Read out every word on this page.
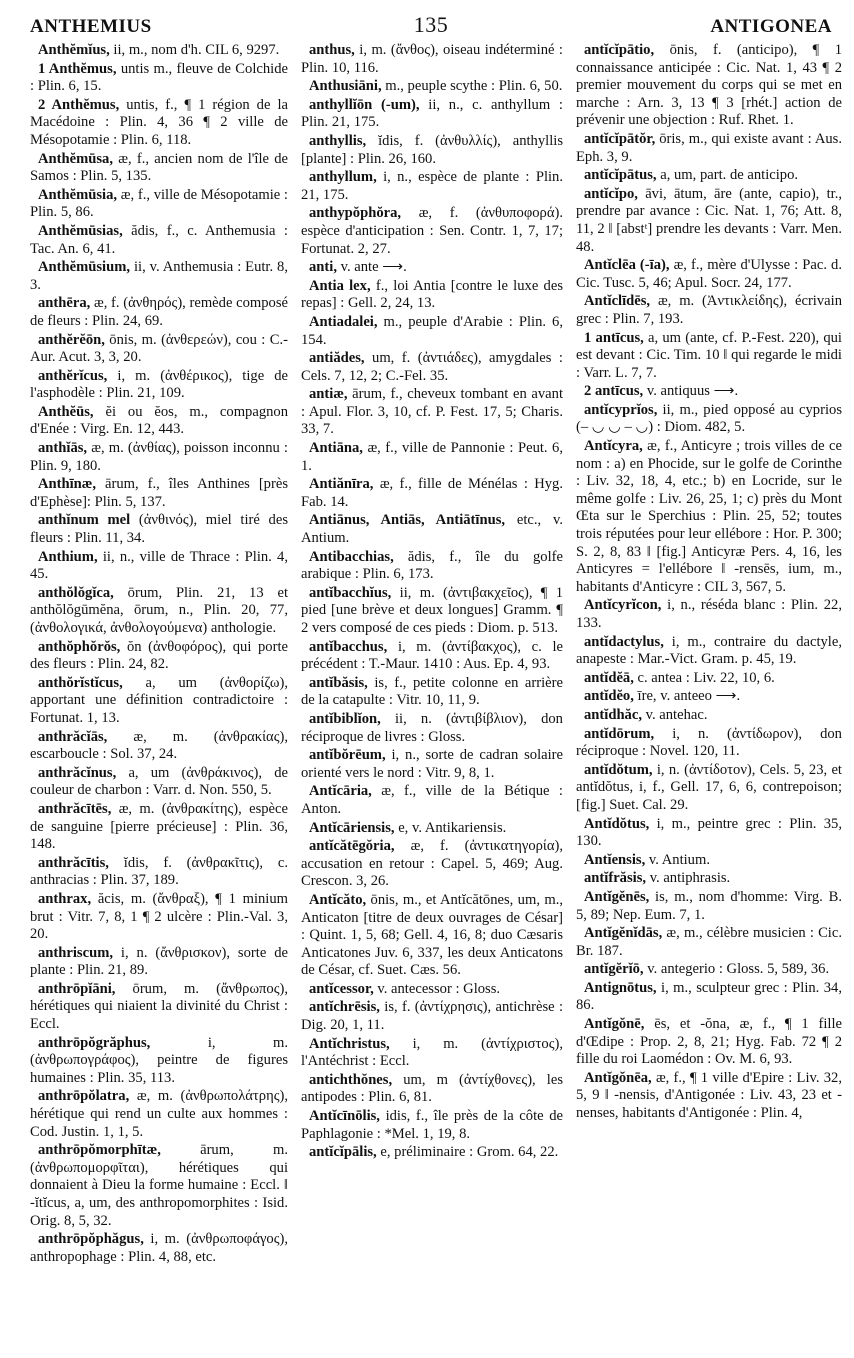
ANTHEMIUS	135	ANTIGONEA

Anthĕmĭus, ii, m., nom d'h. CIL 6, 9297.

1 Anthĕmus, untis m., fleuve de Colchide : Plin. 6, 15.

2 Anthĕmus, untis, f., ¶ 1 région de la Macédoine : Plin. 4, 36 ¶ 2 ville de Mésopotamie : Plin. 6, 118.

Anthĕmūsa, æ, f., ancien nom de l'île de Samos : Plin. 5, 135.

Anthĕmūsia, æ, f., ville de Mésopotamie : Plin. 5, 86.

Anthĕmūsias, ădis, f., c. Anthemusia : Tac. An. 6, 41.

Anthĕmūsium, ii, v. Anthemusia : Eutr. 8, 3.

anthēra, æ, f. (ἀνθηρός), remède composé de fleurs : Plin. 24, 69.

anthĕrĕōn, ōnis, m. (ἀνθερεών), cou : C.-Aur. Acut. 3, 3, 20.

anthĕrĭcus, i, m. (ἀνθέρικος), tige de l'asphodèle : Plin. 21, 109.

Anthĕūs, ĕi ou ĕos, m., compagnon d'Enée : Virg. En. 12, 443.

anthĭās, æ, m. (ἀνθίας), poisson inconnu : Plin. 9, 180.

Anthīnæ, ārum, f., îles Anthines [près d'Ephèse]: Plin. 5, 137.

anthĭnum mel (ἀνθινός), miel tiré des fleurs : Plin. 11, 34.

Anthium, ii, n., ville de Thrace : Plin. 4, 45.

anthŏlŏgĭca, ōrum, Plin. 21, 13 et anthŏlŏgūmĕna, ōrum, n., Plin. 20, 77, (ἀνθολογικά, ἀνθολογούμενα) anthologie.

anthŏphŏrŏs, ŏn (ἀνθοφόρος), qui porte des fleurs : Plin. 24, 82.

anthŏrĭstĭcus, a, um (ἀνθορίζω), apportant une définition contradictoire : Fortunat. 1, 13.

anthrăcĭās, æ, m. (ἀνθρακίας), escarboucle : Sol. 37, 24.

anthrăcĭnus, a, um (ἀνθράκινος), de couleur de charbon : Varr. d. Non. 550, 5.

anthrăcītēs, æ, m. (ἀνθρακίτης), espèce de sanguine [pierre précieuse] : Plin. 36, 148.

anthrăcītis, ĭdis, f. (ἀνθρακῖτις), c. anthracias : Plin. 37, 189.

anthrax, ăcis, m. (ἄνθραξ), ¶ 1 minium brut : Vitr. 7, 8, 1 ¶ 2 ulcère : Plin.-Val. 3, 20.

anthriscum, i, n. (ἄνθρισκον), sorte de plante : Plin. 21, 89.

anthrōpĭāni, ōrum, m. (ἄνθρωπος), hérétiques qui niaient la divinité du Christ : Eccl.

anthrōpŏgrăphus,	i, m. (ἀνθρωπογράφος), peintre de figures humaines : Plin. 35, 113.

anthrōpŏlatra, æ, m. (ἀνθρωπολάτρης), hérétique qui rend un culte aux hommes : Cod. Justin. 1, 1, 5.

anthrōpŏmorphītæ,	ārum, m. (ἀνθρωπομορφῖται), hérétiques qui donnaient à Dieu la forme humaine : Eccl. ‖ -ĭtĭcus, a, um, des anthropomorphites : Isid. Orig. 8, 5, 32.

anthrōpŏphăgus, i, m. (ἀνθρωποφάγος), anthropophage : Plin. 4, 88, etc.

anthus, i, m. (ἄνθος), oiseau indéterminé : Plin. 10, 116.

Anthusiāni, m., peuple scythe : Plin. 6, 50.

anthyllĭōn (-um), ii, n., c. anthyllum : Plin. 21, 175.

anthyllis, ĭdis, f. (ἀνθυλλίς), anthyllis [plante] : Plin. 26, 160.

anthyllum, i, n., espèce de plante : Plin. 21, 175.

anthypŏphŏra, æ, f. (ἀνθυποφορά). espèce d'anticipation : Sen. Contr. 1, 7, 17; Fortunat. 2, 27.

anti, v. ante ⟶.

Antia lex, f., loi Antia [contre le luxe des repas] : Gell. 2, 24, 13.

Antiadalei, m., peuple d'Arabie : Plin. 6, 154.

antiădes, um, f. (ἀντιάδες), amygdales : Cels. 7, 12, 2; C.-Fel. 35.

antiæ, ārum, f., cheveux tombant en avant : Apul. Flor. 3, 10, cf. P. Fest. 17, 5; Charis. 33, 7.

Antiāna, æ, f., ville de Pannonie : Peut. 6, 1.

Antiănīra, æ, f., fille de Ménélas : Hyg. Fab. 14.

Antiānus, Antiās, Antiātīnus, etc., v. Antium.

Antibacchias, ădis, f., île du golfe arabique : Plin. 6, 173.

antĭbacchĭus, ii, m. (ἀντιβακχεῖος), ¶ 1 pied [une brève et deux longues] Gramm. ¶ 2 vers composé de ces pieds : Diom. p. 513.

antĭbacchus, i, m. (ἀντίβακχος), c. le précédent : T.-Maur. 1410 : Aus. Ep. 4, 93.

antĭbăsis, is, f., petite colonne en arrière de la catapulte : Vitr. 10, 11, 9.

antĭbiblĭon, ii, n. (ἀντιβίβλιον), don réciproque de livres : Gloss.

antĭbŏrēum, i, n., sorte de cadran solaire orienté vers le nord : Vitr. 9, 8, 1.

Antĭcāria, æ, f., ville de la Bétique : Anton.

Antĭcāriensis, e, v. Antikariensis.

antĭcătēgŏria, æ, f. (ἀντικατηγορία), accusation en retour : Capel. 5, 469; Aug. Crescon. 3, 26.

Antĭcăto, ōnis, m., et Antĭcătōnes, um, m., Anticaton [titre de deux ouvrages de César] : Quint. 1, 5, 68; Gell. 4, 16, 8; duo Cæsaris Anticatones Juv. 6, 337, les deux Anticatons de César, cf. Suet. Cæs. 56.

antĭcessor, v. antecessor : Gloss.

antĭchrēsis, is, f. (ἀντίχρησις), antichrèse : Dig. 20, 1, 11.

Antĭchristus, i, m. (ἀντίχριστος), l'Antéchrist : Eccl.

antichthŏnes, um, m (ἀντίχθονες), les antipodes : Plin. 6, 81.

Antĭcīnōlis, idis, f., île près de la côte de Paphlagonie : *Mel. 1, 19, 8.

antĭcĭpālis, e, préliminaire : Grom. 64, 22.

antĭcĭpātio, ōnis, f. (anticipo), ¶ 1 connaissance anticipée : Cic. Nat. 1, 43 ¶ 2 premier mouvement du corps qui se met en marche : Arn. 3, 13 ¶ 3 [rhét.] action de prévenir une objection : Ruf. Rhet. 1.

antĭcĭpātŏr, ōris, m., qui existe avant : Aus. Eph. 3, 9.

antĭcĭpātus, a, um, part. de anticipo.

antĭcĭpo, āvi, ātum, āre (ante, capio), tr., prendre par avance : Cic. Nat. 1, 76; Att. 8, 11, 2 ‖ [abstᵗ] prendre les devants : Varr. Men. 48.

Antĭclēa (-īa), æ, f., mère d'Ulysse : Pac. d. Cic. Tusc. 5, 46; Apul. Socr. 24, 177.

Antĭclīdēs, æ, m. (Ἀντικλείδης), écrivain grec : Plin. 7, 193.

1 antīcus, a, um (ante, cf. P.-Fest. 220), qui est devant : Cic. Tim. 10 ‖ qui regarde le midi : Varr. L. 7, 7.

2 antīcus, v. antiquus ⟶.

antĭcyprĭos, ii, m., pied opposé au cyprios (– ◡ ◡ – ◡) : Diom. 482, 5.

Antĭcyra, æ, f., Anticyre ; trois villes de ce nom : a) en Phocide, sur le golfe de Corinthe : Liv. 32, 18, 4, etc.; b) en Locride, sur le même golfe : Liv. 26, 25, 1; c) près du Mont Œta sur le Sperchius : Plin. 25, 52; toutes trois réputées pour leur ellébore : Hor. P. 300; S. 2, 8, 83 ‖ [fig.] Anticyræ Pers. 4, 16, les Anticyres = l'ellébore ‖ -rensēs, ium, m., habitants d'Anticyre : CIL 3, 567, 5.

Antĭcyrĭcon, i, n., réséda blanc : Plin. 22, 133.

antĭdactylus, i, m., contraire du dactyle, anapeste : Mar.-Vict. Gram. p. 45, 19.

antĭdĕā, c. antea : Liv. 22, 10, 6.

antĭdĕo, īre, v. anteeo ⟶.

antĭdhăc, v. antehac.

antĭdōrum, i, n. (ἀντίδωρον), don réciproque : Novel. 120, 11.

antĭdŏtum, i, n. (ἀντίδοτον), Cels. 5, 23, et antĭdŏtus, i, f., Gell. 17, 6, 6, contrepoison; [fig.] Suet. Cal. 29.

Antĭdŏtus, i, m., peintre grec : Plin. 35, 130.

Antĭensis, v. Antium.

antĭfrăsis, v. antiphrasis.

Antĭgĕnēs, is, m., nom d'homme: Virg. B. 5, 89; Nep. Eum. 7, 1.

Antĭgĕnĭdās, æ, m., célèbre musicien : Cic. Br. 187.

antĭgĕrĭō, v. antegerio : Gloss. 5, 589, 36.

Antignōtus, i, m., sculpteur grec : Plin. 34, 86.

Antĭgŏnē, ēs, et -ŏna, æ, f., ¶ 1 fille d'Œdipe : Prop. 2, 8, 21; Hyg. Fab. 72 ¶ 2 fille du roi Laomédon : Ov. M. 6, 93.

Antĭgŏnēa, æ, f., ¶ 1 ville d'Epire : Liv. 32, 5, 9 ‖ -nensis, d'Antigonée : Liv. 43, 23 et -nenses, habitants d'Antigonée : Plin. 4,
